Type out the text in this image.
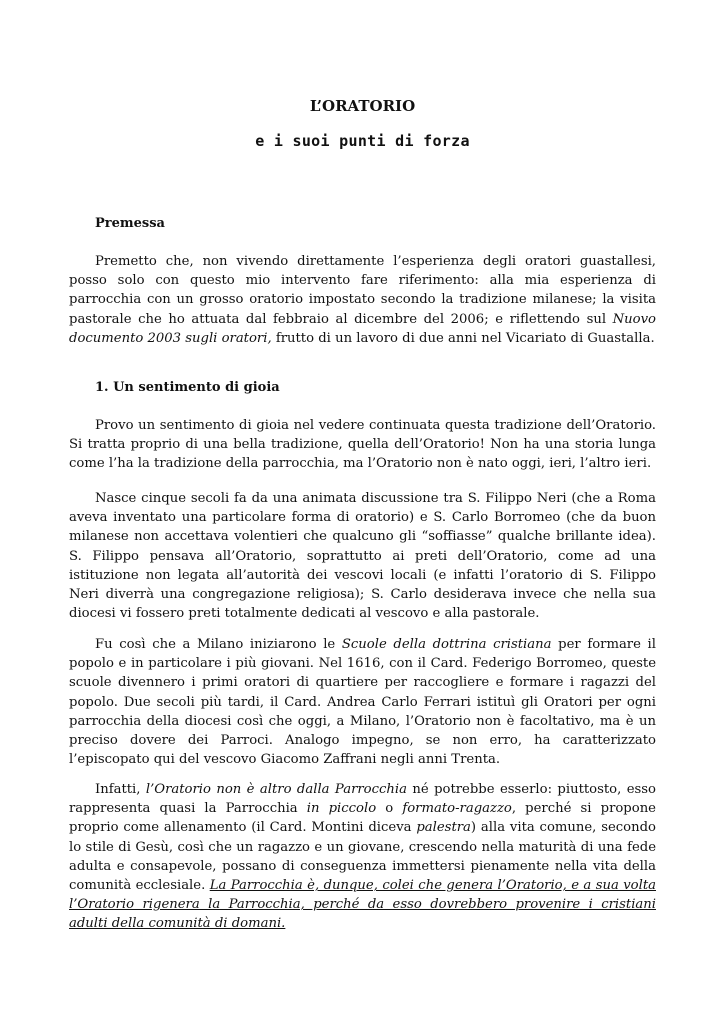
L’ORATORIO
e i suoi punti di forza
Premessa

Premetto che, non vivendo direttamente l’esperienza degli oratori guastallesi, posso solo con questo mio intervento fare riferimento: alla mia esperienza di parrocchia con un grosso oratorio impostato secondo la tradizione milanese; la visita pastorale che ho attuata dal febbraio al dicembre del 2006; e riflettendo sul Nuovo documento 2003 sugli oratori, frutto di un lavoro di due anni nel Vicariato di Guastalla.

1. Un sentimento di gioia

Provo un sentimento di gioia nel vedere continuata questa tradizione dell’Oratorio. Si tratta proprio di una bella tradizione, quella dell’Oratorio! Non ha una storia lunga come l’ha la tradizione della parrocchia, ma l’Oratorio non è nato oggi, ieri, l’altro ieri.

Nasce cinque secoli fa da una animata discussione tra S. Filippo Neri (che a Roma aveva inventato una particolare forma di oratorio) e S. Carlo Borromeo (che da buon milanese non accettava volentieri che qualcuno gli “soffiasse” qualche brillante idea). S. Filippo pensava all’Oratorio, soprattutto ai preti dell’Oratorio, come ad una istituzione non legata all’autorità dei vescovi locali (e infatti l’oratorio di S. Filippo Neri diverrà una congregazione religiosa); S. Carlo desiderava invece che nella sua diocesi vi fossero preti totalmente dedicati al vescovo e alla pastorale.

Fu così che a Milano iniziarono le Scuole della dottrina cristiana per formare il popolo e in particolare i più giovani. Nel 1616, con il Card. Federigo Borromeo, queste scuole divennero i primi oratori di quartiere per raccogliere e formare i ragazzi del popolo. Due secoli più tardi, il Card. Andrea Carlo Ferrari istituì gli Oratori per ogni parrocchia della diocesi così che oggi, a Milano, l’Oratorio non è facoltativo, ma è un preciso dovere dei Parroci. Analogo impegno, se non erro, ha caratterizzato l’episcopato qui del vescovo Giacomo Zaffrani negli anni Trenta.

Infatti, l’Oratorio non è altro dalla Parrocchia né potrebbe esserlo: piuttosto, esso rappresenta quasi la Parrocchia in piccolo o formato-ragazzo, perché si propone proprio come allenamento (il Card. Montini diceva palestra) alla vita comune, secondo lo stile di Gesù, così che un ragazzo e un giovane, crescendo nella maturità di una fede adulta e consapevole, possano di conseguenza immettersi pienamente nella vita della comunità ecclesiale. La Parrocchia è, dunque, colei che genera l’Oratorio, e a sua volta l’Oratorio rigenera la Parrocchia, perché da esso dovrebbero provenire i cristiani adulti della comunità di domani.
